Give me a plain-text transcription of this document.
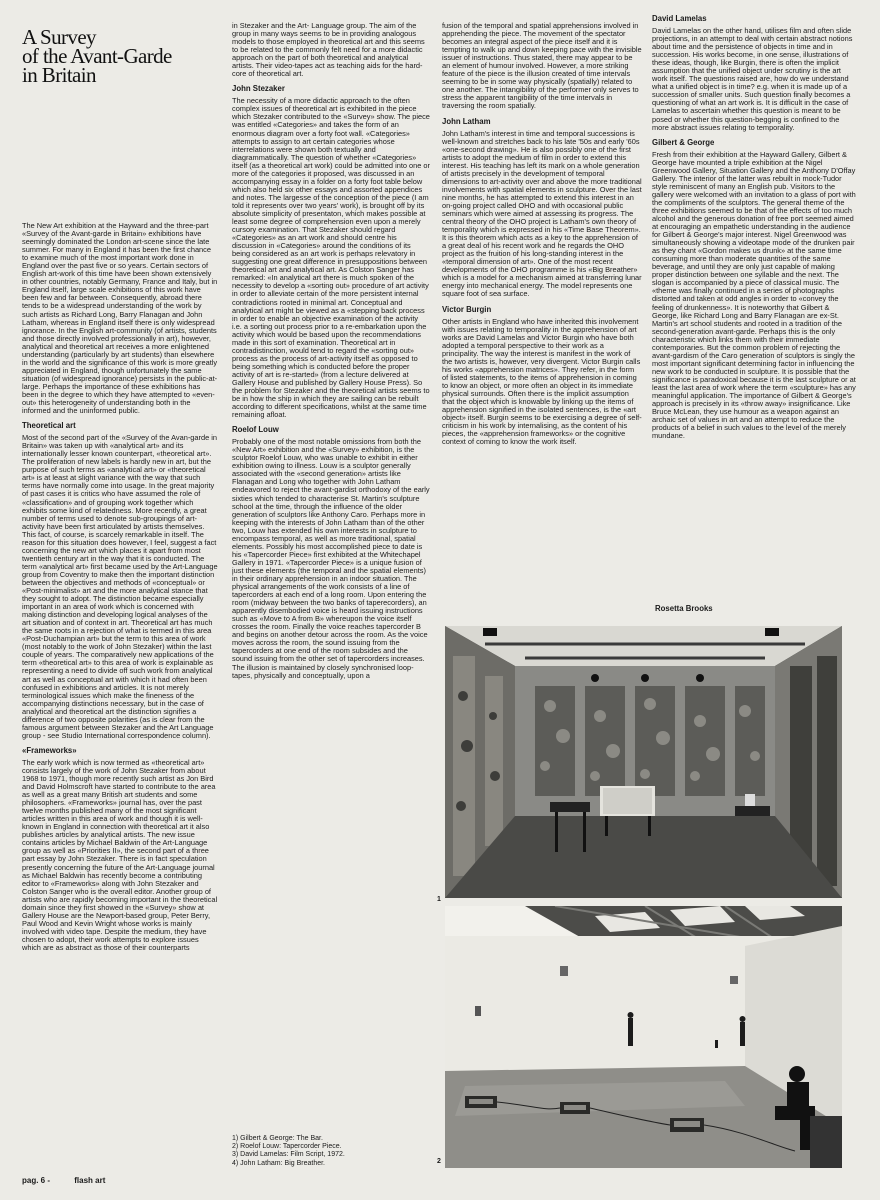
A Survey
of the Avant-Garde
in Britain

The New Art exhibition at the Hayward and the three-part «Survey of the Avant-garde in Britain» exhibitions have seemingly dominated the London art-scene since the late summer. For many in England it has been the first chance to examine much of the most important work done in England over the past five or so years. Certain sectors of English art-work of this time have been shown extensively in other countries, notably Germany, France and Italy, but in England itself, large scale exhibitions of this work have been few and far between. Consequently, abroad there tends to be a widespread understanding of the work by such artists as Richard Long, Barry Flanagan and John Latham, whereas in England itself there is only widespread ignorance. In the English art-community (of artists, students and those directly involved professionally in art), however, analytical and theoretical art receives a more enlightened understanding (particularly by art students) than elsewhere in the world and the significance of this work is more greatly appreciated in England, though unfortunately the same situation (of widespread ignorance) persists in the public-at-large. Perhaps the importance of these exhibitions has been in the degree to which they have attempted to «even-out» this heterogeneity of understanding both in the informed and the uninformed public.

Theoretical art

Most of the second part of the «Survey of the Avan-garde in Britain» was taken up with «analytical art» and its internationally lesser known counterpart, «theoretical art». The proliferation of new labels is hardly new in art, but the purpose of such terms as «analytical art» or «theoretical art» is at least at slight variance with the way that such terms have normally come into usage. In the great majority of past cases it is critics who have assumed the role of «classification» and of grouping work together which exhibits some kind of relatedness. More recently, a great number of terms used to denote sub-groupings of art-activity have been first articulated by artists themselves. This fact, of course, is scarcely remarkable in itself. The reason for this situation does however, I feel, suggest a fact concerning the new art which places it apart from most twentieth century art in the way that it is conducted. The term «analytical art» first became used by the Art-Language group from Coventry to make then the important distinction between the objectives and methods of «conceptual» or «Post-minimalist» art and the more analytical stance that they sought to adopt. The distinction became especially important in an area of work which is concerned with making distinction and developing logical analyses of the art situation and of context in art. Theoretical art has much the same roots in a rejection of what is termed in this area «Post-Duchampian art» but the term to this area of work (most notably to the work of John Stezaker) within the last couple of years. The comparatively new applications of the term «theoretical art» to this area of work is explainable as representing a need to divide off such work from analytical art as well as conceptual art with which it had often been confused in exhibitions and articles. It is not merely terminological issues which make the fineness of the accompanying distinctions necessary, but in the case of analytical and theoretical art the distinction signifies a difference of two opposite polarities (as is clear from the famous argument between Stezaker and the Art Language group - see Studio International correspondence column).

«Frameworks»

The early work which is now termed as «theoretical art» consists largely of the work of John Stezaker from about 1968 to 1971, though more recently such artist as Jon Bird and David Holmscroft have started to contribute to the area as well as a great many British art students and some philosophers. «Frameworks» journal has, over the past twelve months published many of the most significant articles written in this area of work and though it is well-known in England in connection with theoretical art it also publishes articles by analytical artists. The new issue contains articles by Michael Baldwin of the Art-Language group as well as «Priorities II», the second part of a three part essay by John Stezaker. There is in fact speculation presently concerning the future of the Art-Language journal as Michael Baldwin has recently become a contributing editor to «Frameworks» along with John Stezaker and Colston Sanger who is the overall editor. Another group of artists who are rapidly becoming important in the theoretical domain since they first showed in the «Survey» show at Gallery House are the Newport-based group, Peter Berry, Paul Wood and Kevin Wright whose works is mainly involved with video tape. Despite the medium, they have chosen to adopt, their work attempts to explore issues which are as abstract as those of their counterparts

in Stezaker and the Art- Language group. The aim of the group in many ways seems to be in providing analogous models to those employed in theoretical art and this seems to be related to the commonly felt need for a more didactic approach on the part of both theoretical and analytical artists. Their video-tapes act as teaching aids for the hard-core of theoretical art.

John Stezaker

The necessity of a more didactic approach to the often complex issues of theoretical art is exhibited in the piece which Stezaker contributed to the «Survey» show. The piece was entitled «Categories» and takes the form of an enormous diagram over a forty foot wall. «Categories» attempts to assign to art certain categories whose interrelations were shown both textually and diagrammatically. The question of whether «Categories» itself (as a theoretical art work) could be admitted into one or more of the categories it proposed, was discussed in an accompanying essay in a folder on a forty foot table below which also held six other essays and assorted appendices and notes. The largesse of the conception of the piece (I am told it represents over two years' work), is brought off by its absolute simplicity of presentaton, which makes possible at least some degree of comprehension even upon a merely cursory examination. That Stezaker should regard «Categories» as an art work and should centre his discussion in «Categories» around the conditions of its being considered as an art work is perhaps relevatory in suggesting one great difference in presuppositions between theoretical art and analytical art. As Colston Sanger has remarked: «In analytical art there is much spoken of the necessity to develop a «sorting out» procedure of art activity in order to alleviate certain of the more persistent internal contradictions rooted in minimal art. Conceptual and analytical art might be viewed as a «stepping back process in order to enable an objective examination of the activity i.e. a sorting out process prior to a re-embarkation upon the activity which would be based upon the recommendations made in this sort of examination. Theoretical art in contradistinction, would tend to regard the «sorting out» process as the process of art-activity itself as opposed to being something which is conducted before the proper activity of art is re-started» (from a lecture delivered at Gallery House and published by Gallery House Press). So the problem for Stezaker and the theoretical artists seems to be in how the ship in which they are sailing can be rebuilt according to different specifications, whilst at the same time remaining afloat.

Roelof Louw

Probably one of the most notable omissions from both the «New Art» exhibition and the «Survey» exhibition, is the sculptor Roelof Louw, who was unable to exhibit in either exhibition owing to illness. Louw is a sculptor generally associated with the «second generation» artists like Flanagan and Long who together with John Latham endeavored to reject the avant-gardist orthodoxy of the early sixties which tended to characterise St. Martin's sculpture school at the time, through the influence of the older generation of sculptors like Anthony Caro. Perhaps more in keeping with the interests of John Latham than of the other two, Louw has extended his own interests in sculpture to encompass temporal, as well as more traditional, spatial elements. Possibly his most accomplished piece to date is his «Tapercorder Piece» first exhibited at the Whitechapel Gallery in 1971. «Tapercorder Piece» is a unique fusion of just these elements (the temporal and the spatial elements) in their ordinary apprehension in an indoor situation. The physical arrangements of the work consists of a line of tapercorders at each end of a long room. Upon entering the room (midway between the two banks of taperecorders), an apparently disembodied voice is heard issuing instructions such as «Move to A from B» whereupon the voice itself crosses the room. Finally the voice reaches tapercorder B and begins on another detour across the room. As the voice moves across the room, the sound issuing from the tapercorders at one end of the room subsides and the sound issuing from the other set of tapercorders increases. The illusion is maintained by closely synchronised loop-tapes, physically and conceptually, upon a

fusion of the temporal and spatial apprehensions involved in apprehending the piece. The movement of the spectator becomes an integral aspect of the piece itself and it is tempting to walk up and down keeping pace with the invisible issuer of instructions. Thus stated, there may appear to be an element of humour involved. However, a more striking feature of the piece is the illusion created of time intervals seeming to be in some way physically (spatially) related to one another. The intangibility of the performer only serves to stress the apparent tangibility of the time intervals in traversing the room spatially.

John Latham

John Latham's interest in time and temporal successions is well-known and stretches back to his late '50s and early '60s «one-second drawing». He is also possibly one of the first artists to adopt the medium of film in order to extend this interest. His teaching has left its mark on a whole generation of artists precisely in the development of temporal dimensions to art-activity over and above the more traditional involvements with spatial elements in sculpture. Over the last nine months, he has attempted to extend this interest in an on-going project called OHO and with occasional public seminars which were aimed at assessing its progress. The central theory of the OHO project is Latham's own theory of temporality which is expressed in his «Time Base Theorem». It is this theorem which acts as a key to the apprehension of a great deal of his recent work and he regards the OHO project as the fruition of his long-standing interest in the «temporal dimension of art». One of the most recent developments of the OHO programme is his «Big Breather» which is a model for a mechanism aimed at transferring lunar energy into mechanical energy. The model represents one square foot of sea surface.

Victor Burgin

Other artists in England who have inherited this involvement with issues relating to temporality in the apprehension of art works are David Lamelas and Victor Burgin who have both adopted a temporal perspective to their work as a principality. The way the interest is manifest in the work of the two artists is, however, very divergent. Victor Burgin calls his works «apprehension matrices». They refer, in the form of listed statements, to the items of apprehension in coming to know an object, or more often an object in its immediate physical surrounds. Often there is the implicit assumption that the object which is knowable by linking up the items of apprehension signified in the isolated sentences, is the «art object» itself. Burgin seems to be exercising a degree of self-criticism in his work by internalising, as the content of his pieces, the «apprehension frameworks» or the cognitive context of coming to know the work itself.

David Lamelas

David Lamelas on the other hand, utilises film and often slide projections, in an attempt to deal with certain abstract notions about time and the persistence of objects in time and in succession. His works become, in one sense, illustrations of these ideas, though, like Burgin, there is often the implicit assumption that the unified object under scrutiny is the art work itself. The questions raised are, how do we understand what a unified object is in time? e.g. when it is made up of a succession of smaller units. Such question finally becomes a questioning of what an art work is. It is difficult in the case of Lamelas to ascertain whether this question is meant to be posed or whether this question-begging is confined to the more abstract issues relating to temporality.

Gilbert & George

Fresh from their exhibition at the Hayward Gallery, Gilbert & George have mounted a triple exhibition at the Nigel Greenwood Gallery, Situation Gallery and the Anthony D'Offay Gallery. The interior of the latter was rebuilt in mock-Tudor style reminiscent of many an English pub. Visitors to the gallery were welcomed with an invitation to a glass of port with the compliments of the sculptors. The general theme of the three exhibitions seemed to be that of the effects of too much alcohol and the generous donation of free port seemed aimed at encouraging an empathetic understanding in the audience for Gilbert & George's major interest. Nigel Greenwood was simultaneously showing a videotape mode of the drunken pair as they chant «Gordon makes us drunk» at the same time consuming more than moderate quantities of the same beverage, and until they are only just capable of making proper distinction between one syllable and the next. The slogan is accompanied by a piece of classical music. The «theme was finally continued in a series of photographs distorted and taken at odd angles in order to «convey the feeling of drunkenness». It is noteworthy that Gilbert & George, like Richard Long and Barry Flanagan are ex-St. Martin's art school students and rooted in a tradition of the second-generation avant-garde. Perhaps this is the only characteristic which links them with their immediate contemporaries. But the common problem of rejecting the avant-gardism of the Caro generation of sculptors is singly the most important significant determining factor in influencing the new work to be conducted in sculpture. It is possible that the significance is paradoxical because it is the last sculpture or at least the last area of work where the term «sculpture» has any meaningful application. The importance of Gilbert & George's approach is precisely in its «throw away» insignificance. Like Bruce McLean, they use humour as a weapon against an archaic set of values in art and an attempt to reduce the products of a belief in such values to the level of the merely mundane.

Rosetta Brooks
1
2
1) Gilbert & George: The Bar.
2) Roelof Louw: Tapercorder Piece.
3) David Lamelas: Film Script, 1972.
4) John Latham: Big Breather.
pag. 6 -	flash art
